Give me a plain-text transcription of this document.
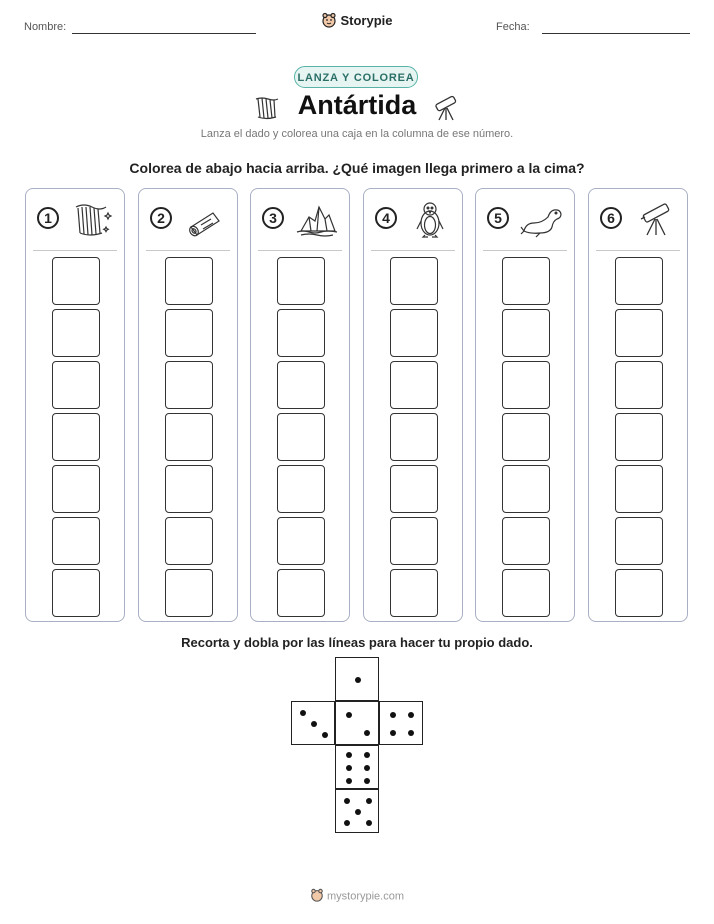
Nombre:	Storypie	Fecha:
LANZA Y COLOREA
Antártida
Lanza el dado y colorea una caja en la columna de ese número.
Colorea de abajo hacia arriba. ¿Qué imagen llega primero a la cima?
1	2	3	4	5	6
Recorta y dobla por las líneas para hacer tu propio dado.
mystorypie.com
